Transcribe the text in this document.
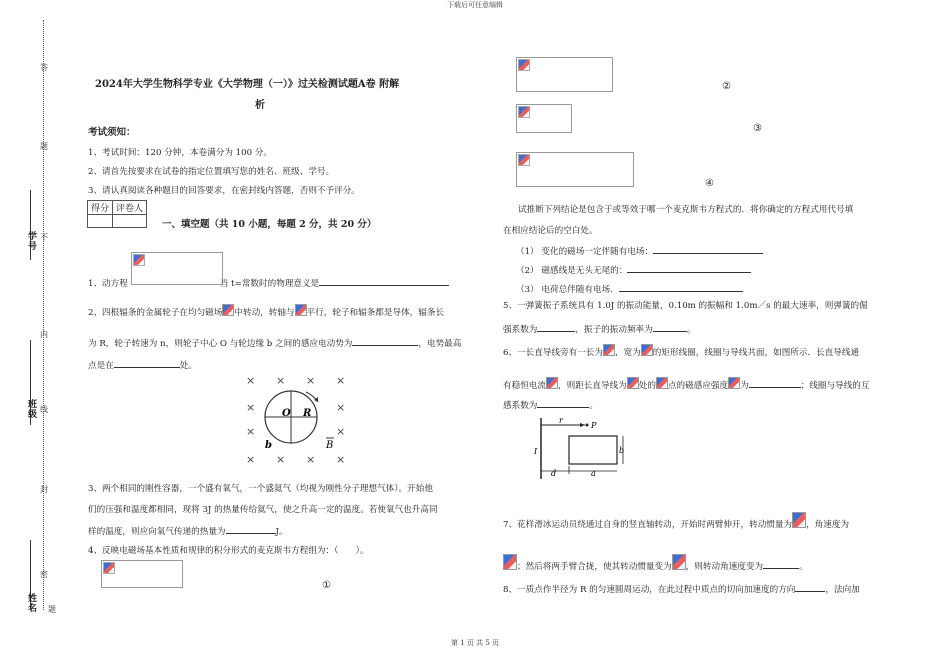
下载后可任意编辑
第 1 页 共 5 页
答
题
不
内
线
封
密
题
学号
班级
姓名
2024年大学生物科学专业《大学物理（一）》过关检测试题A卷 附解
析
考试须知：
1、考试时间：120 分钟，本卷满分为 100 分。
2、请首先按要求在试卷的指定位置填写您的姓名、班级、学号。
3、请认真阅读各种题目的回答要求，在密封线内答题，否则不予评分。
得分	评卷人

一、填空题（共 10 小题，每题 2 分，共 20 分）
1、动方程	当 t=常数时的物理意义是
2、四根辐条的金属轮子在均匀磁场 中转动，转轴与 平行，轮子和辐条都是导体，辐条长
为 R，轮子转速为 n，则轮子中心 O 与轮边缘 b 之间的感应电动势为	，电势最高
点是在	处。
× × × ×
×	×
×	×
× × × ×
O R
b	B
3、两个相同的刚性容器，一个盛有氧气，一个盛氦气（均视为刚性分子理想气体）。开始他
们的压强和温度都相同，现将 3J 的热量传给氦气，使之升高一定的温度。若使氧气也升高同
样的温度，则应向氧气传递的热量为	J。
4、反映电磁场基本性质和规律的积分形式的麦克斯韦方程组为：（　　）。
①
②
③
④
试推断下列结论是包含于或等效于哪一个麦克斯韦方程式的．将你确定的方程式用代号填
在相应结论后的空白处。
（1） 变化的磁场一定伴随有电场：
（2） 磁感线是无头无尾的：
（3） 电荷总伴随有电场．
5、一弹簧振子系统具有 1.0J 的振动能量，0.10m 的振幅和 1.0m／s 的最大速率，则弹簧的倔
强系数为	，振子的振动频率为	。
6、一长直导线旁有一长为 ，宽为 的矩形线圈，线圈与导线共面，如图所示．长直导线通
有稳恒电流 ，则距长直导线为 处的 点的磁感应强度 为	；线圈与导线的互
感系数为	。
r
P
I	b
d	a
7、花样滑冰运动员绕通过自身的竖直轴转动，开始时两臂伸开，转动惯量为 ，角速度为
；然后将两手臂合拢，使其转动惯量变为 ，则转动角速度变为	。
8、一质点作半径为 R 的匀速圆周运动，在此过程中质点的切向加速度的方向	，法向加
